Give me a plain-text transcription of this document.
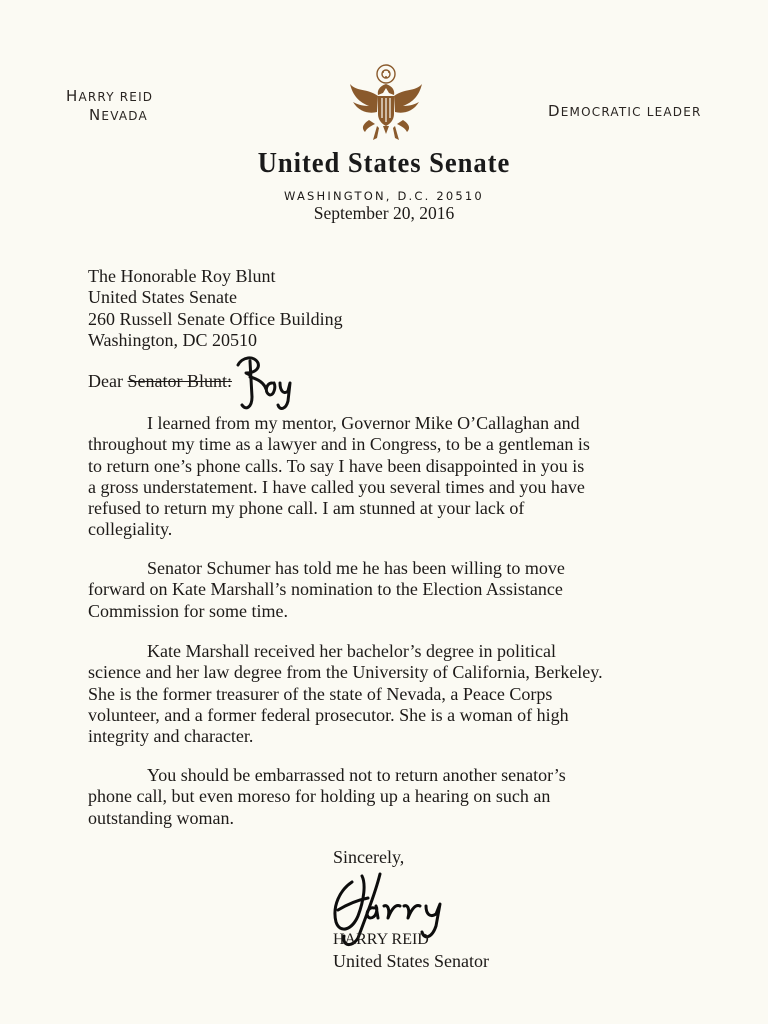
HARRY REID
NEVADA	DEMOCRATIC LEADER
United States Senate
WASHINGTON, D.C. 20510
September 20, 2016
The Honorable Roy Blunt
United States Senate
260 Russell Senate Office Building
Washington, DC 20510
Dear Senator Blunt:
I learned from my mentor, Governor Mike O’Callaghan and
throughout my time as a lawyer and in Congress, to be a gentleman is
to return one’s phone calls. To say I have been disappointed in you is
a gross understatement. I have called you several times and you have
refused to return my phone call. I am stunned at your lack of
collegiality.
Senator Schumer has told me he has been willing to move
forward on Kate Marshall’s nomination to the Election Assistance
Commission for some time.
Kate Marshall received her bachelor’s degree in political
science and her law degree from the University of California, Berkeley.
She is the former treasurer of the state of Nevada, a Peace Corps
volunteer, and a former federal prosecutor. She is a woman of high
integrity and character.
You should be embarrassed not to return another senator’s
phone call, but even moreso for holding up a hearing on such an
outstanding woman.
Sincerely,
HARRY REID
United States Senator
